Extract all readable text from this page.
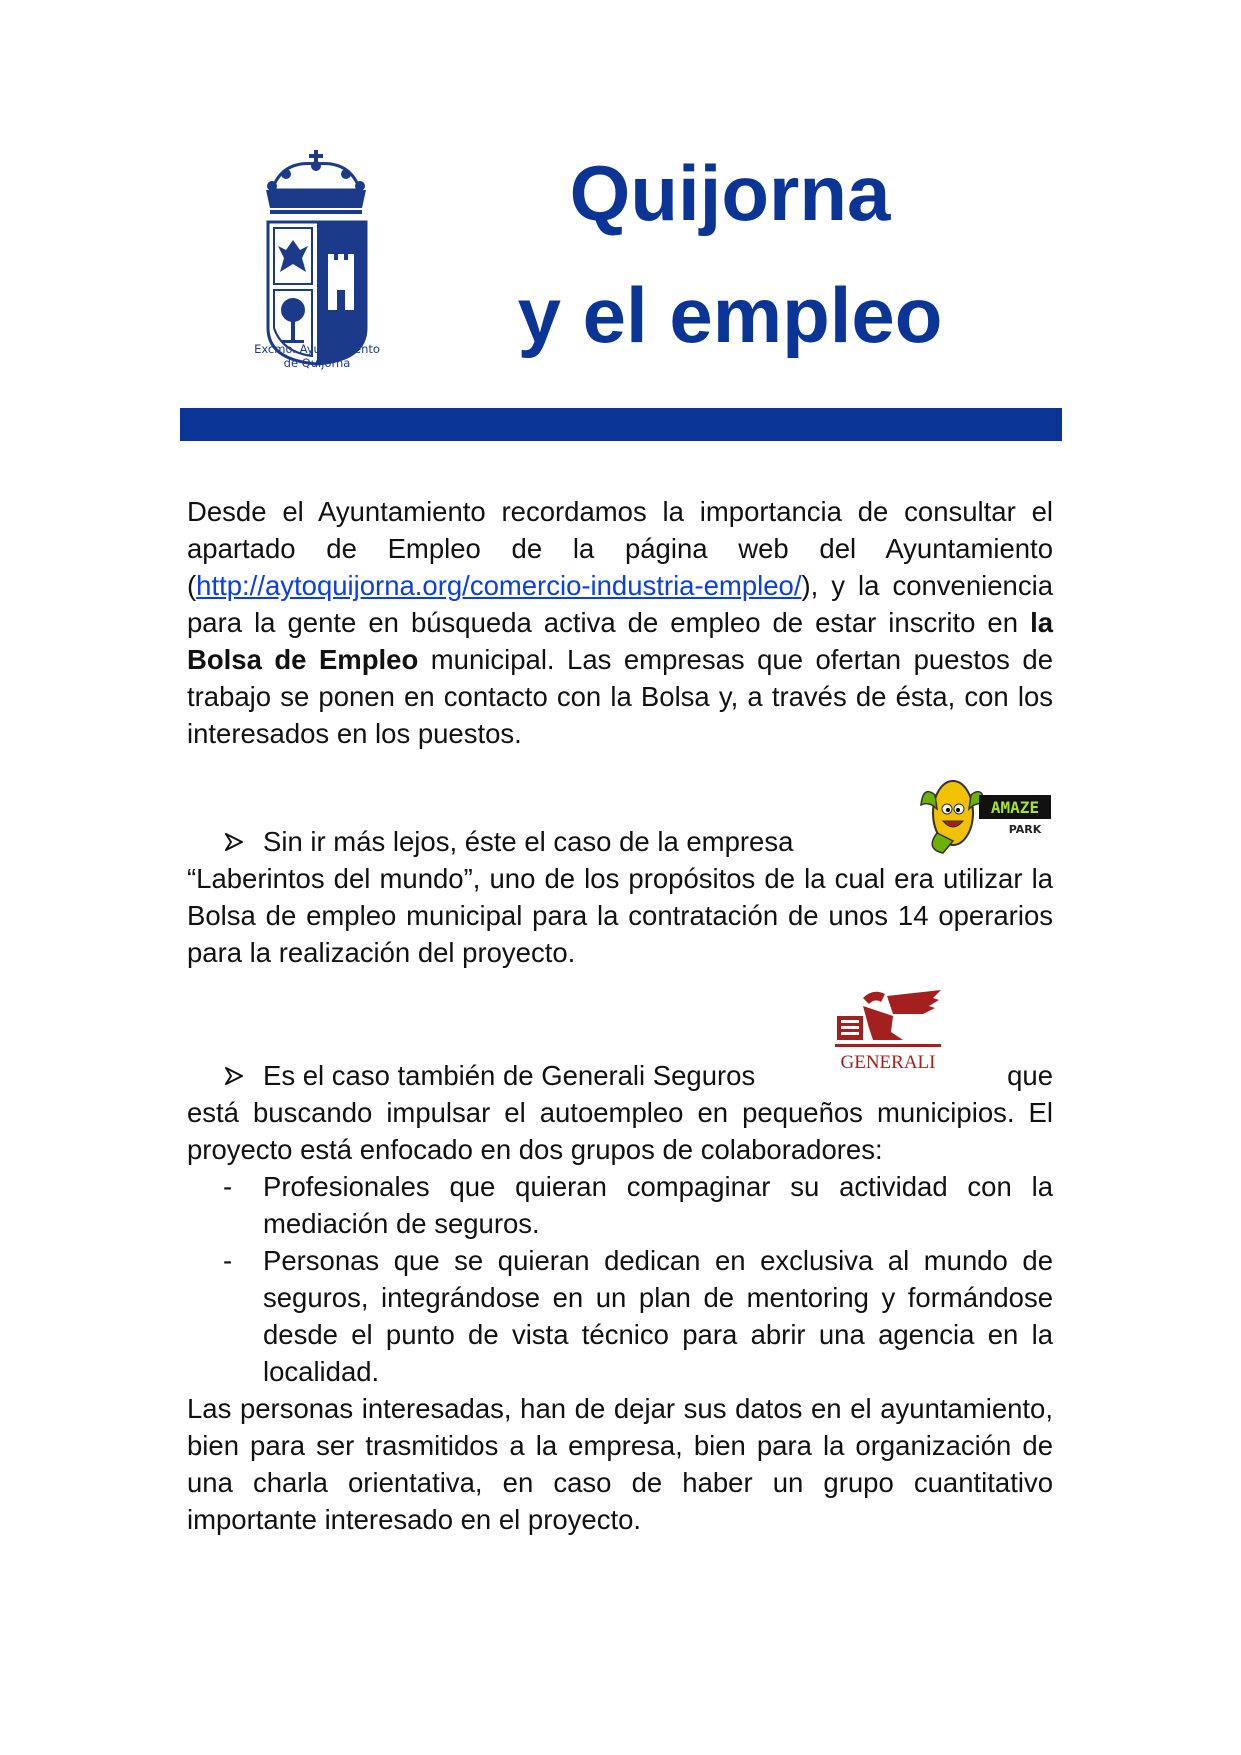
Excmo. Ayuntamiento
de Quijorna
Quijorna
y el empleo

Desde el Ayuntamiento recordamos la importancia de consultar el apartado de Empleo de la página web del Ayuntamiento (http://aytoquijorna.org/comercio-industria-empleo/), y la conveniencia para la gente en búsqueda activa de empleo de estar inscrito en la Bolsa de Empleo municipal. Las empresas que ofertan puestos de trabajo se ponen en contacto con la Bolsa y, a través de ésta, con los interesados en los puestos.

AMAZE
PARK

Sin ir más lejos, éste el caso de la empresa
“Laberintos del mundo”, uno de los propósitos de la cual era utilizar la Bolsa de empleo municipal para la contratación de unos 14 operarios para la realización del proyecto.

GENERALI

Es el caso también de Generali Seguros	que

está buscando impulsar el autoempleo en pequeños municipios. El proyecto está enfocado en dos grupos de colaboradores:

- Profesionales que quieran compaginar su actividad con la mediación de seguros.

- Personas que se quieran dedican en exclusiva al mundo de seguros, integrándose en un plan de mentoring y formándose desde el punto de vista técnico para abrir una agencia en la localidad.

Las personas interesadas, han de dejar sus datos en el ayuntamiento, bien para ser trasmitidos a la empresa, bien para la organización de una charla orientativa, en caso de haber un grupo cuantitativo importante interesado en el proyecto.
